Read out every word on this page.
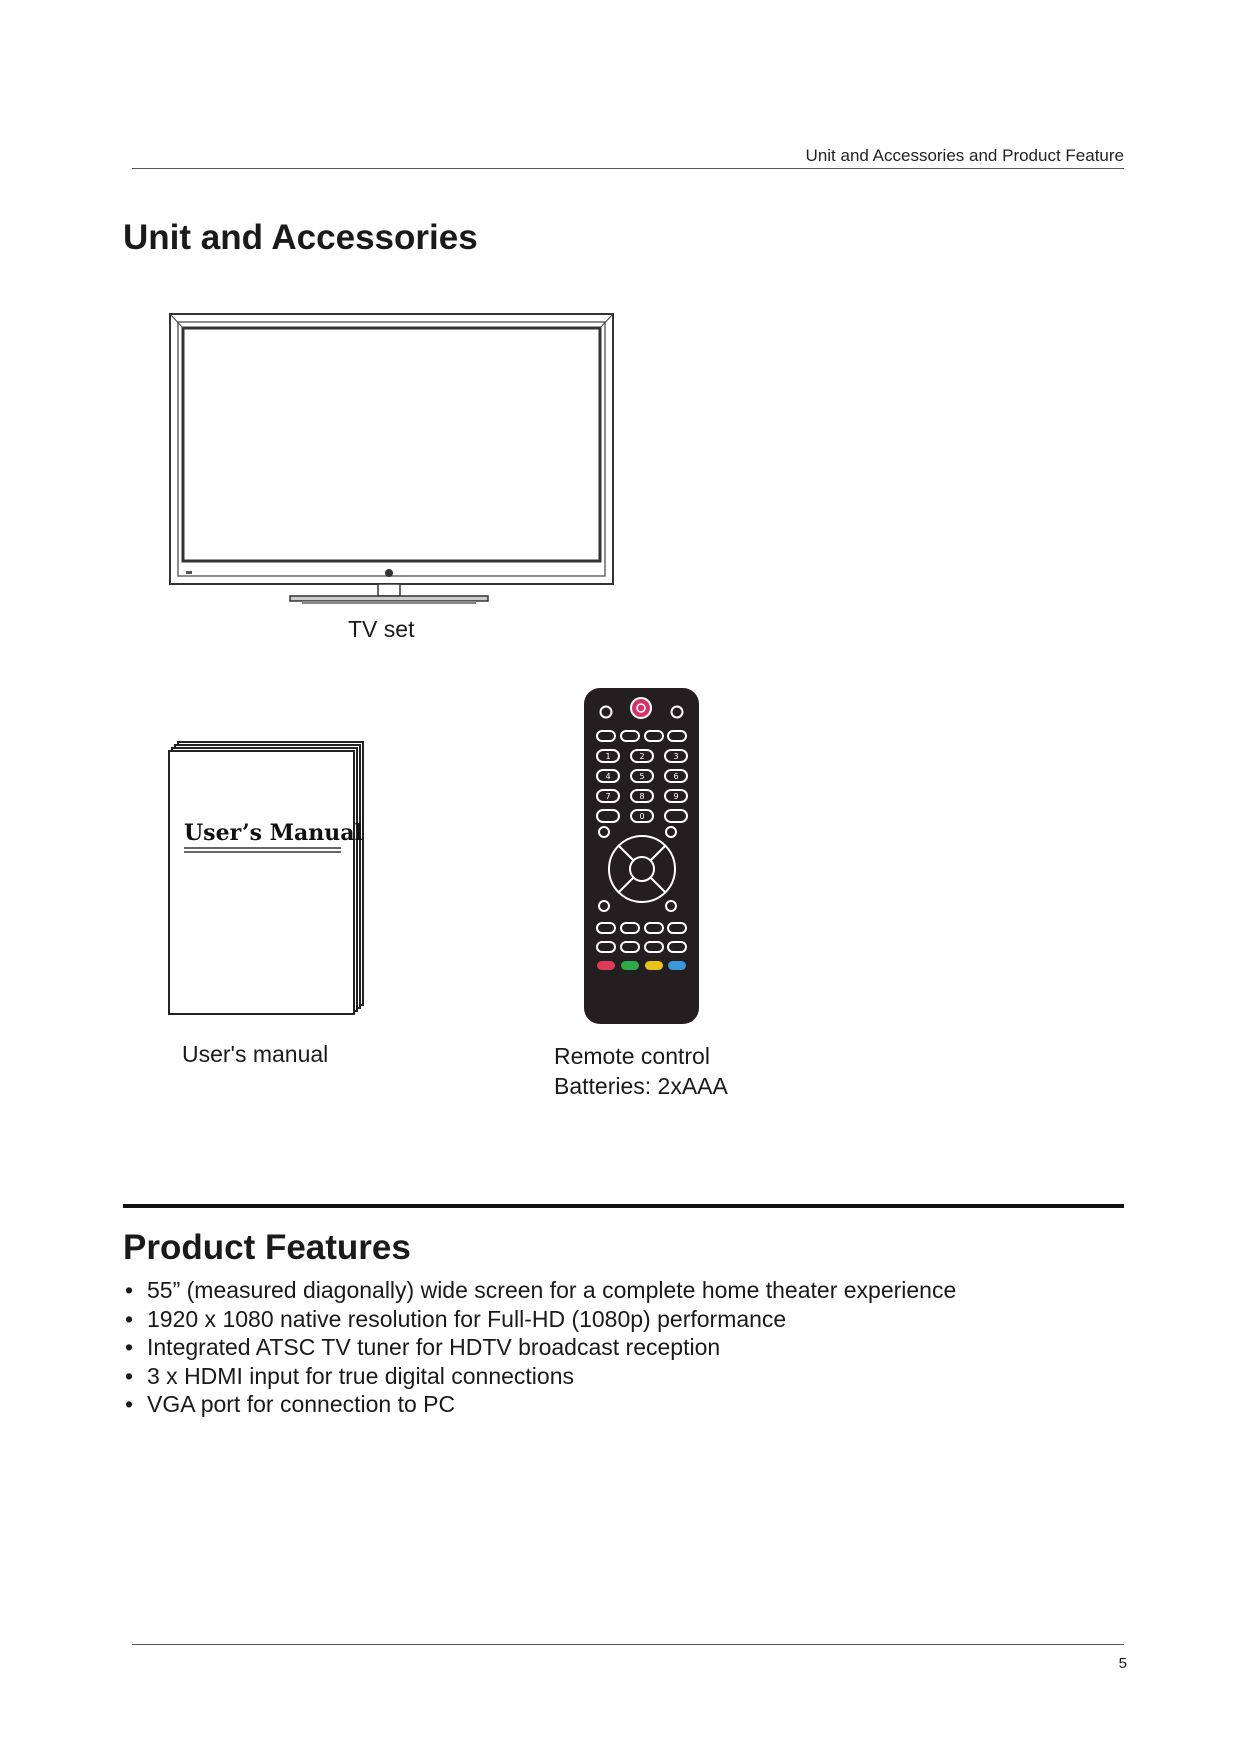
Unit and Accessories and Product Feature
Unit and Accessories
TV set
User’s Manual
User's manual
1	2	3
4	5	6
7	8	9
0
Remote control
Batteries: 2xAAA
Product Features
• 55” (measured diagonally) wide screen for a complete home theater experience
• 1920 x 1080 native resolution for Full-HD (1080p) performance
• Integrated ATSC TV tuner for HDTV broadcast reception
• 3 x HDMI input for true digital connections
• VGA port for connection to PC
5
